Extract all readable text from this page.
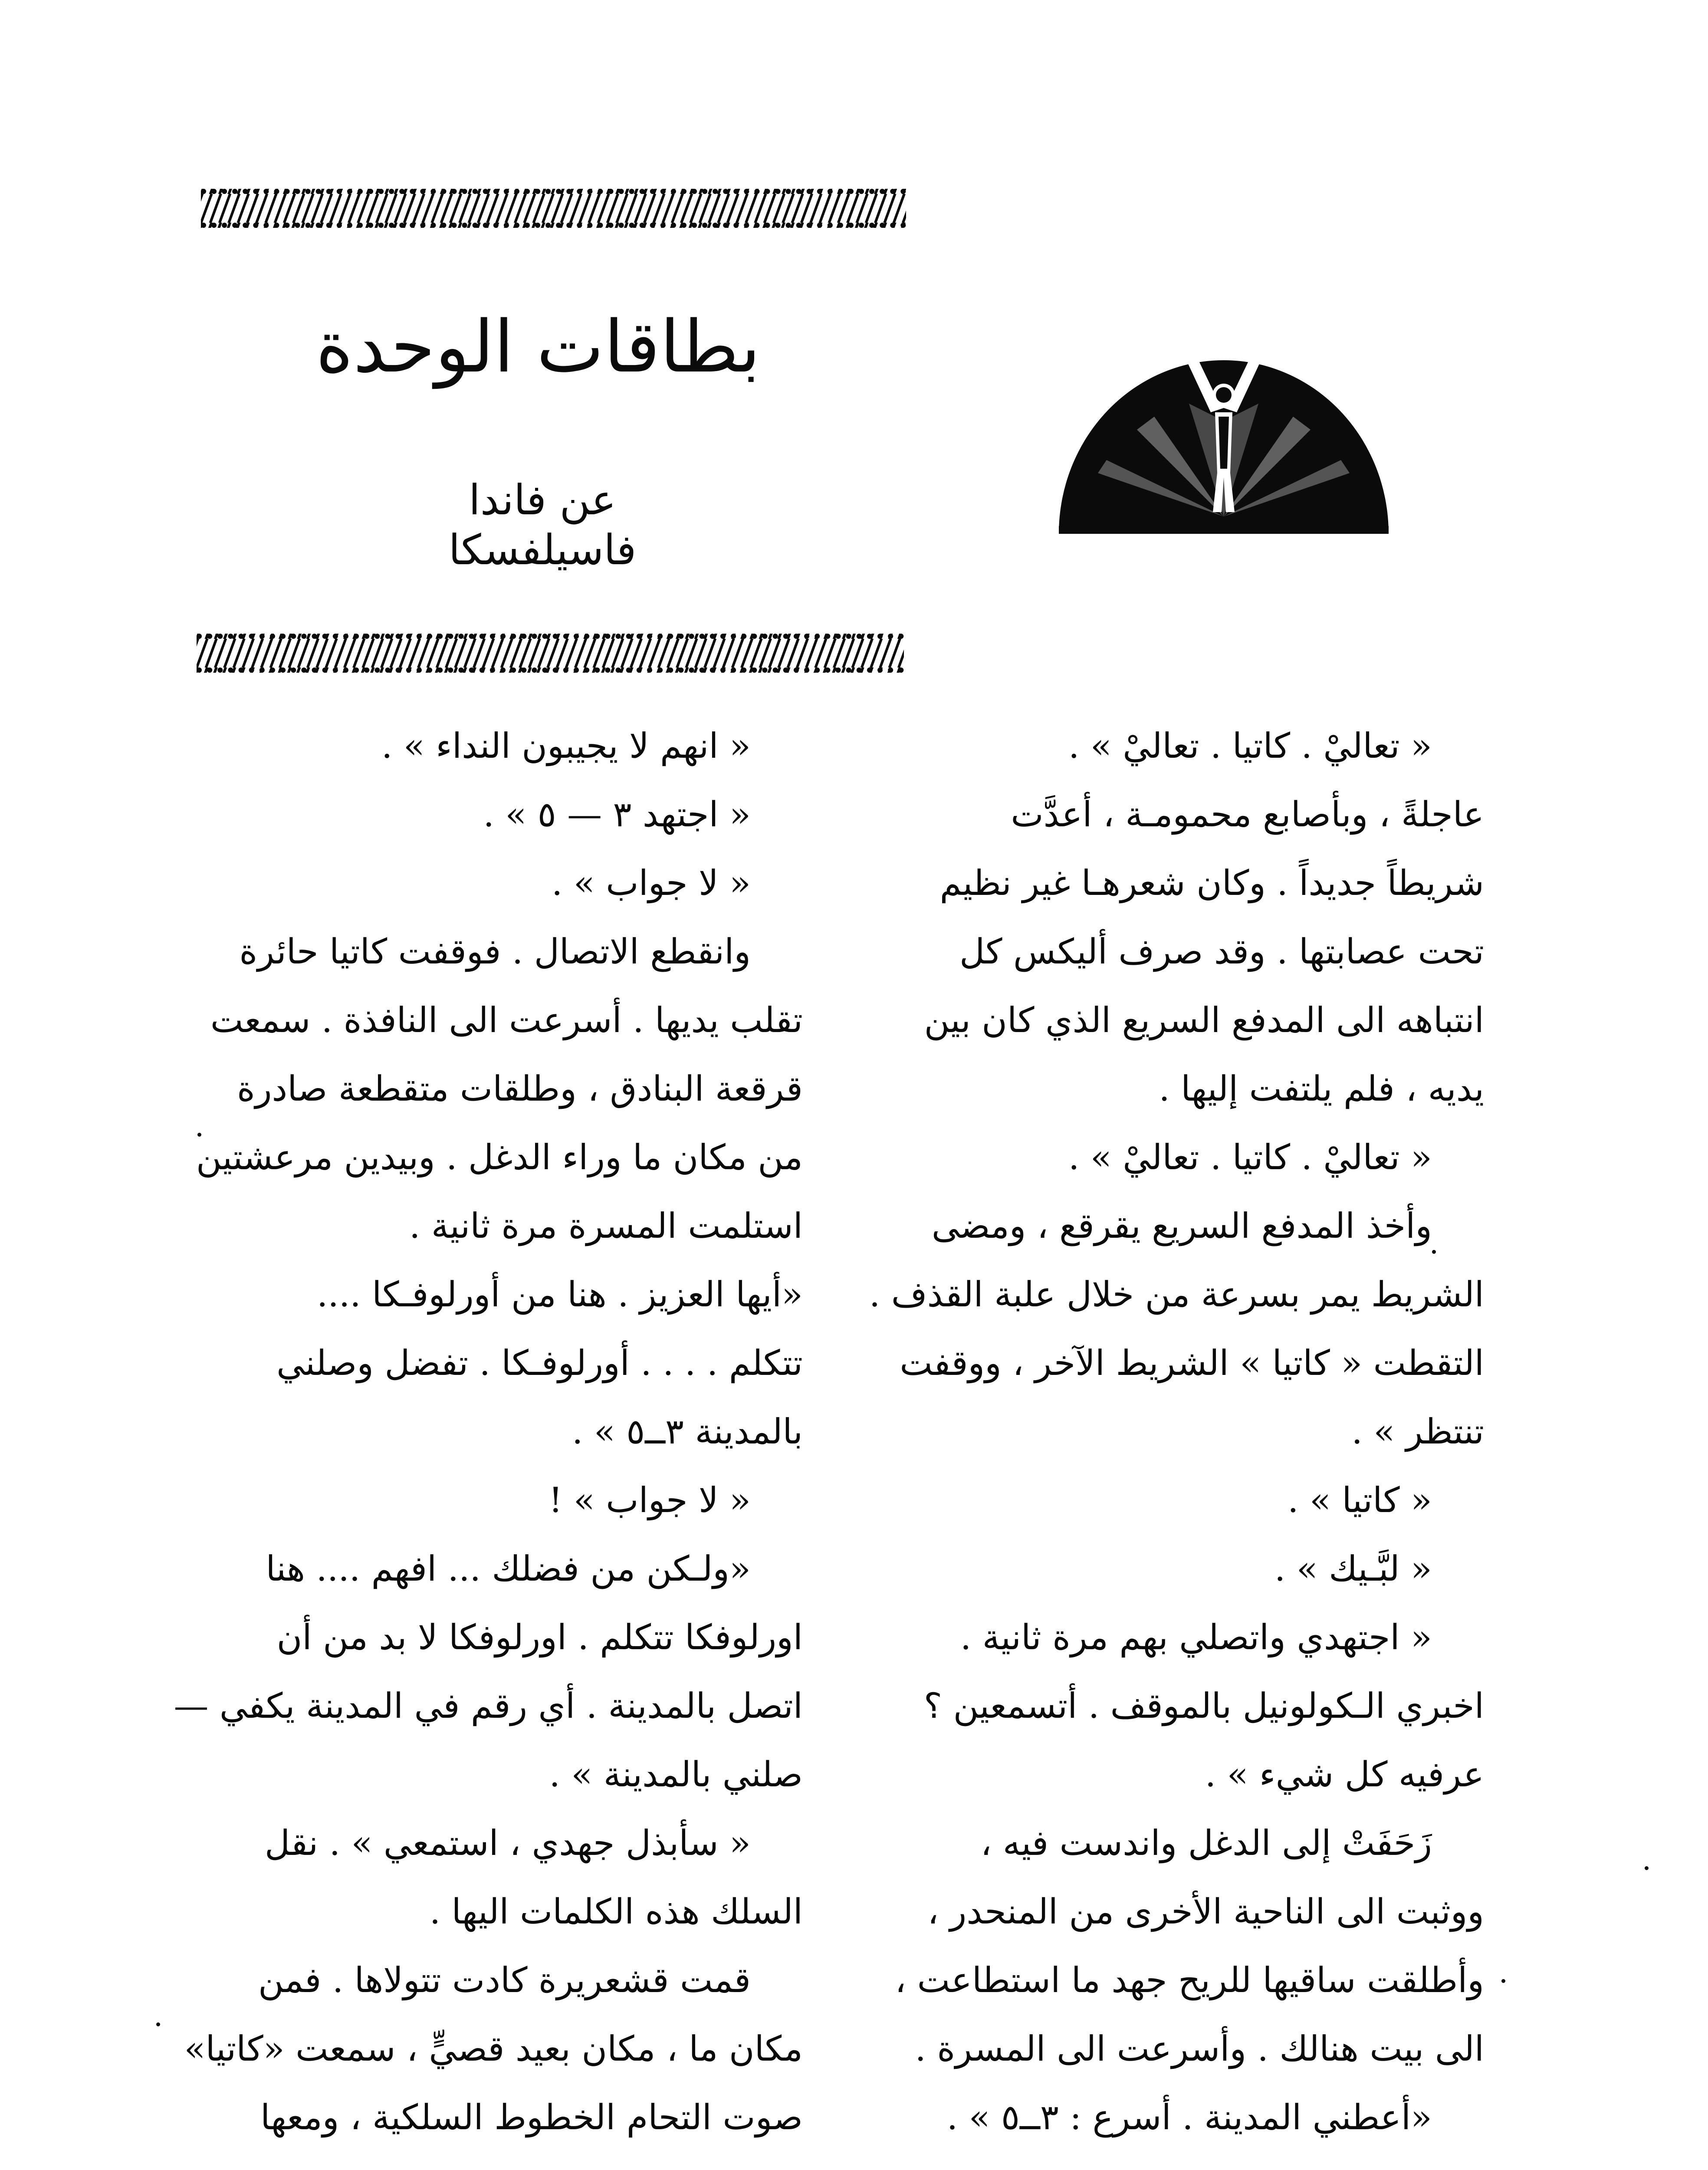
بطاقات الوحدة
عن فاندا فاسيلفسكا

« تعاليْ . كاتيا . تعاليْ » .

عاجلةً ، وبأصابع محمومـة ، أعدَّت

شريطاً جديداً . وكان شعرهـا غير نظيم

تحت عصابتها . وقد صرف أليكس كل

انتباهه الى المدفع السريع الذي كان بين

يديه ، فلم يلتفت إليها .

« تعاليْ . كاتيا . تعاليْ » .

وأخذ المدفع السريع يقرقع ، ومضى

الشريط يمر بسرعة من خلال علبة القذف .

التقطت « كاتيا » الشريط الآخر ، ووقفت

تنتظر » .

« كاتيا » .

« لبَّـيك » .

« اجتهدي واتصلي بهم مرة ثانية .

اخبري الـكولونيل بالموقف . أتسمعين ؟

عرفيه كل شيء » .

زَحَفَتْ إلى الدغل واندست فيه ،

ووثبت الى الناحية الأخرى من المنحدر ،

وأطلقت ساقيها للريح جهد ما استطاعت ،

الى بيت هنالك . وأسرعت الى المسرة .

«أعطني المدينة . أسرع : ٣ــ٥ » .

« انهم لا يجيبون النداء » .

« اجتهد ٣ — ٥ » .

« لا جواب » .

وانقطع الاتصال . فوقفت كاتيا حائرة

تقلب يديها . أسرعت الى النافذة . سمعت

قرقعة البنادق ، وطلقات متقطعة صادرة

من مكان ما وراء الدغل . وبيدين مرعشتين

استلمت المسرة مرة ثانية .

«أيها العزيز . هنا من أورلوفـكا ....

تتكلم . . . . أورلوفـكا . تفضل وصلني

بالمدينة ٣ــ٥ » .

« لا جواب » !

«ولـكن من فضلك ... افهم .... هنا

اورلوفكا تتكلم . اورلوفكا لا بد من أن

اتصل بالمدينة . أي رقم في المدينة يكفي —

صلني بالمدينة » .

« سأبذل جهدي ، استمعي » . نقل

السلك هذه الكلمات اليها .

قمت قشعريرة كادت تتولاها . فمن

مكان ما ، مكان بعيد قصيٍّ ، سمعت «كاتيا»

صوت التحام الخطوط السلكية ، ومعها
